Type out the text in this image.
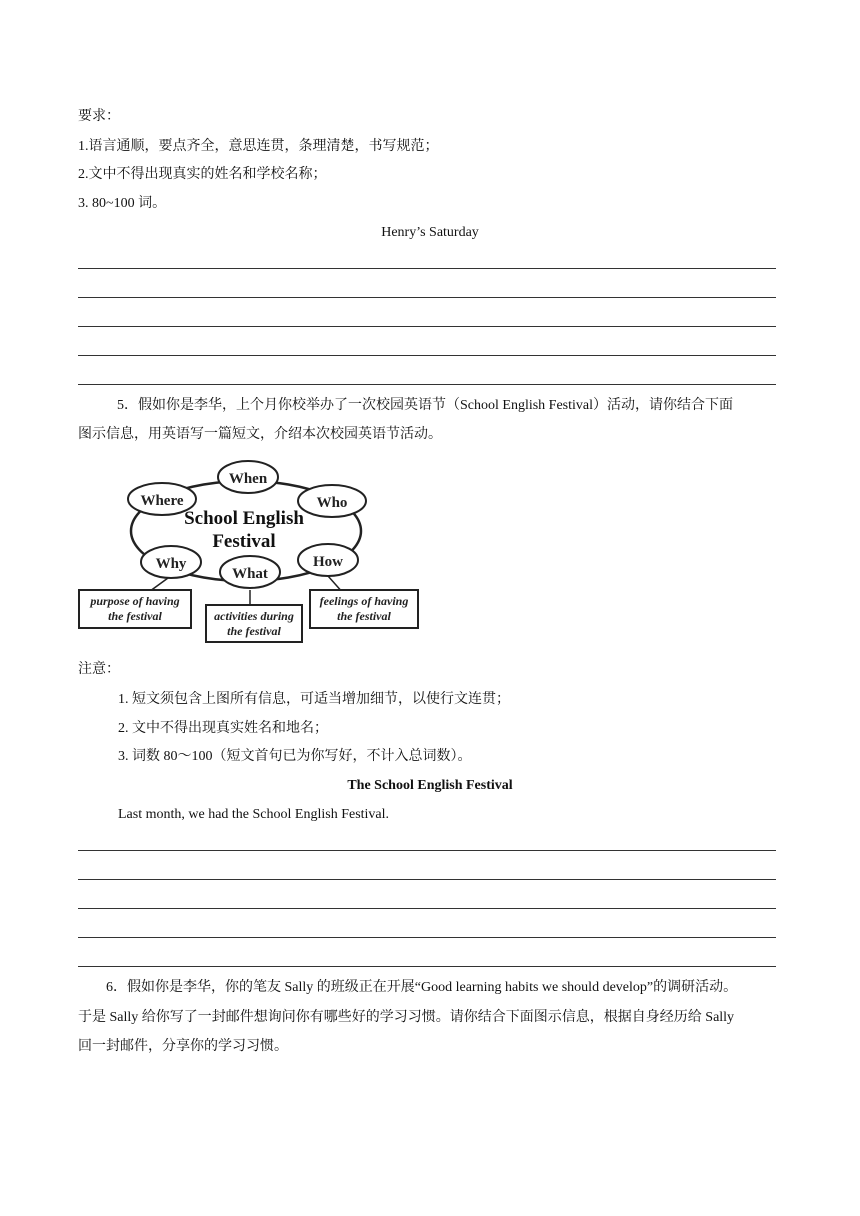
要求：
1.语言通顺，要点齐全，意思连贯，条理清楚，书写规范；
2.文中不得出现真实的姓名和学校名称；
3. 80~100 词。
Henry’s Saturday
5．假如你是李华，上个月你校举办了一次校园英语节（School English Festival）活动，请你结合下面
图示信息，用英语写一篇短文，介绍本次校园英语节活动。
When
Where	Who
Why
What
How
School English
Festival
purpose of having
the festival	activities during
the festival
feelings of having
the festival
注意：
1. 短文须包含上图所有信息，可适当增加细节，以使行文连贯；
2. 文中不得出现真实姓名和地名；
3. 词数 80～100（短文首句已为你写好，不计入总词数）。
The School English Festival
Last month, we had the School English Festival.
6．假如你是李华，你的笔友 Sally 的班级正在开展“Good learning habits we should develop”的调研活动。
于是 Sally 给你写了一封邮件想询问你有哪些好的学习习惯。请你结合下面图示信息，根据自身经历给 Sally
回一封邮件，分享你的学习习惯。
